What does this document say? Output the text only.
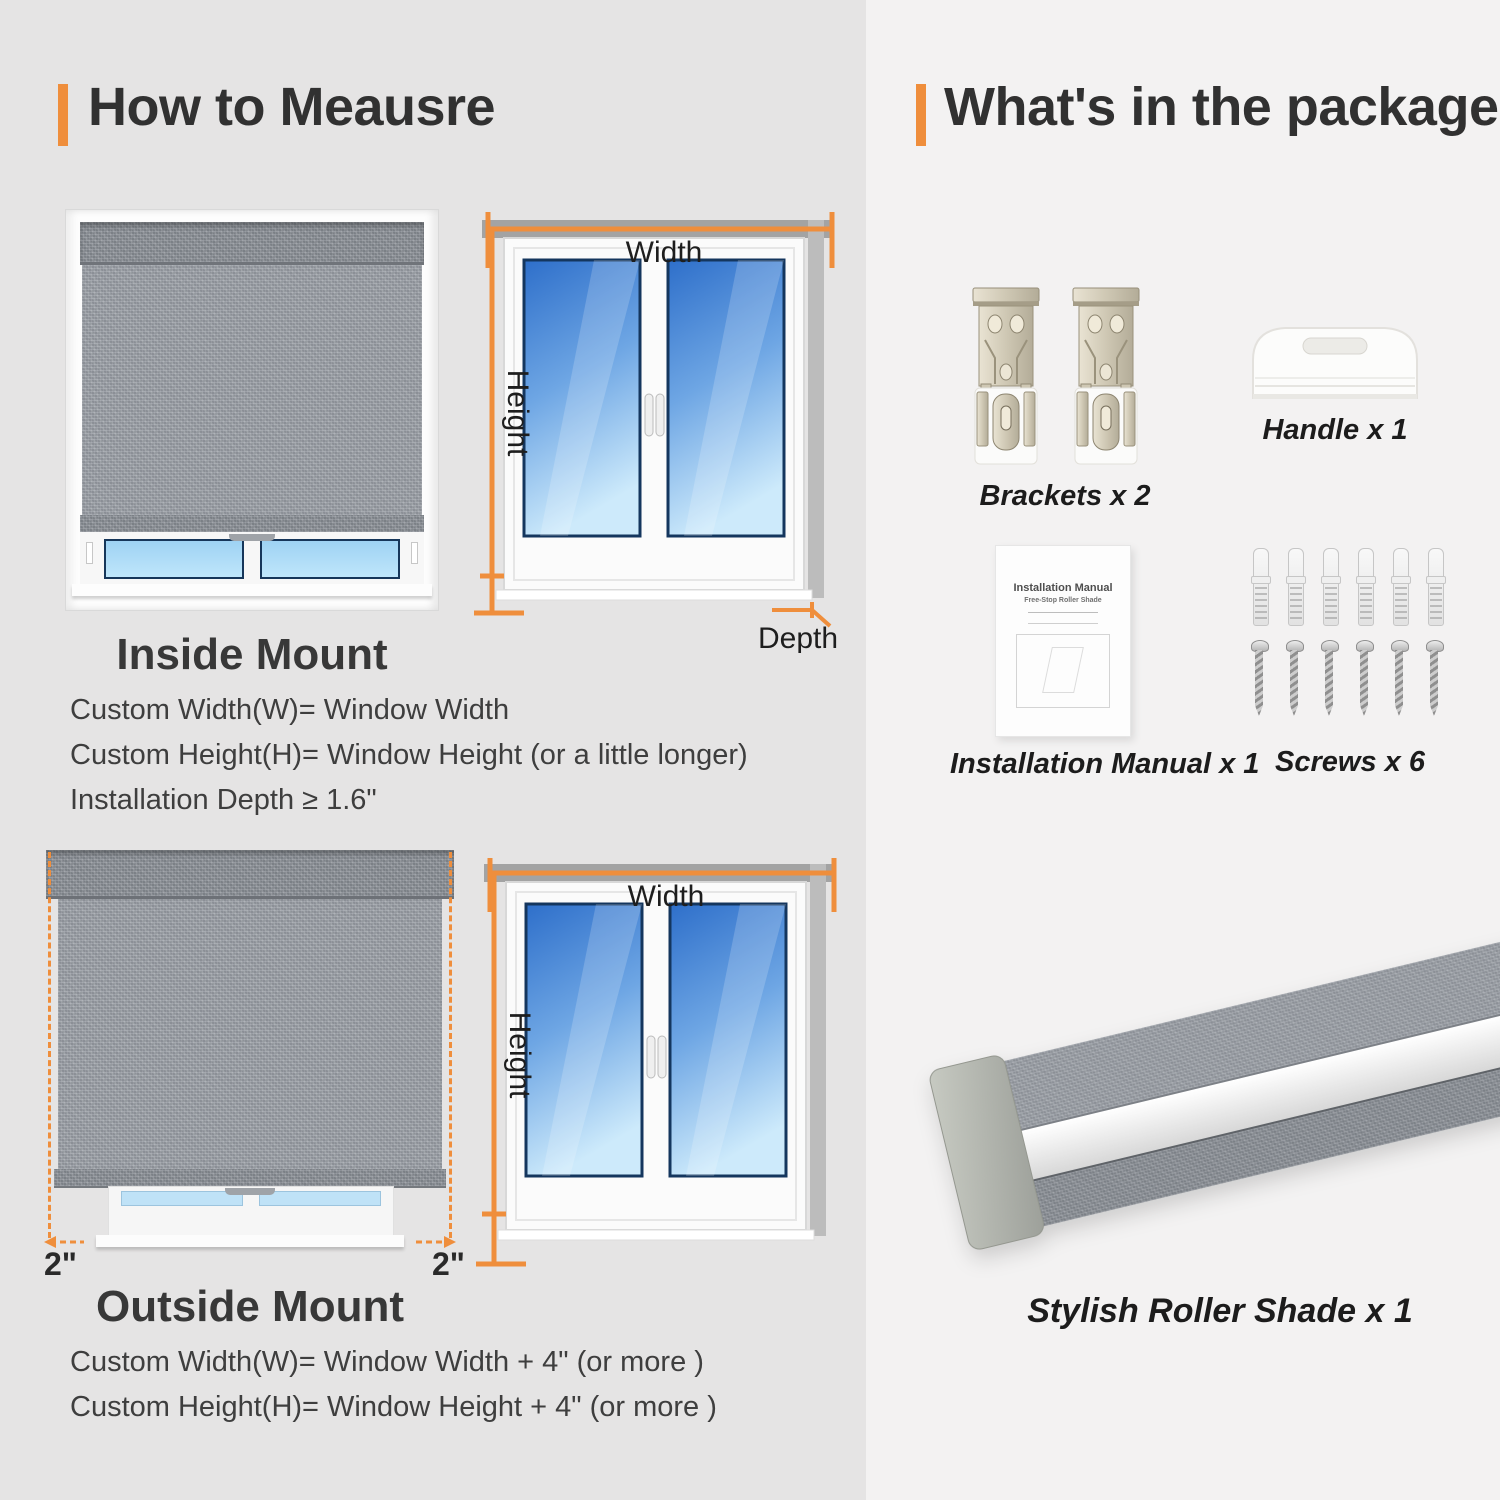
How to Meausre
Width
Height
Depth
Inside Mount
Custom Width(W)= Window Width
Custom Height(H)= Window Height (or a little longer)
Installation Depth ≥ 1.6"
2"	2"
Width
Height
Outside Mount
Custom Width(W)= Window Width + 4" (or more )
Custom Height(H)= Window Height + 4" (or more )
What's in the package
Brackets x 2
Handle x 1
Installation Manual
Free-Stop Roller Shade
Installation Manual x 1 Screws x 6
Stylish Roller Shade x 1
